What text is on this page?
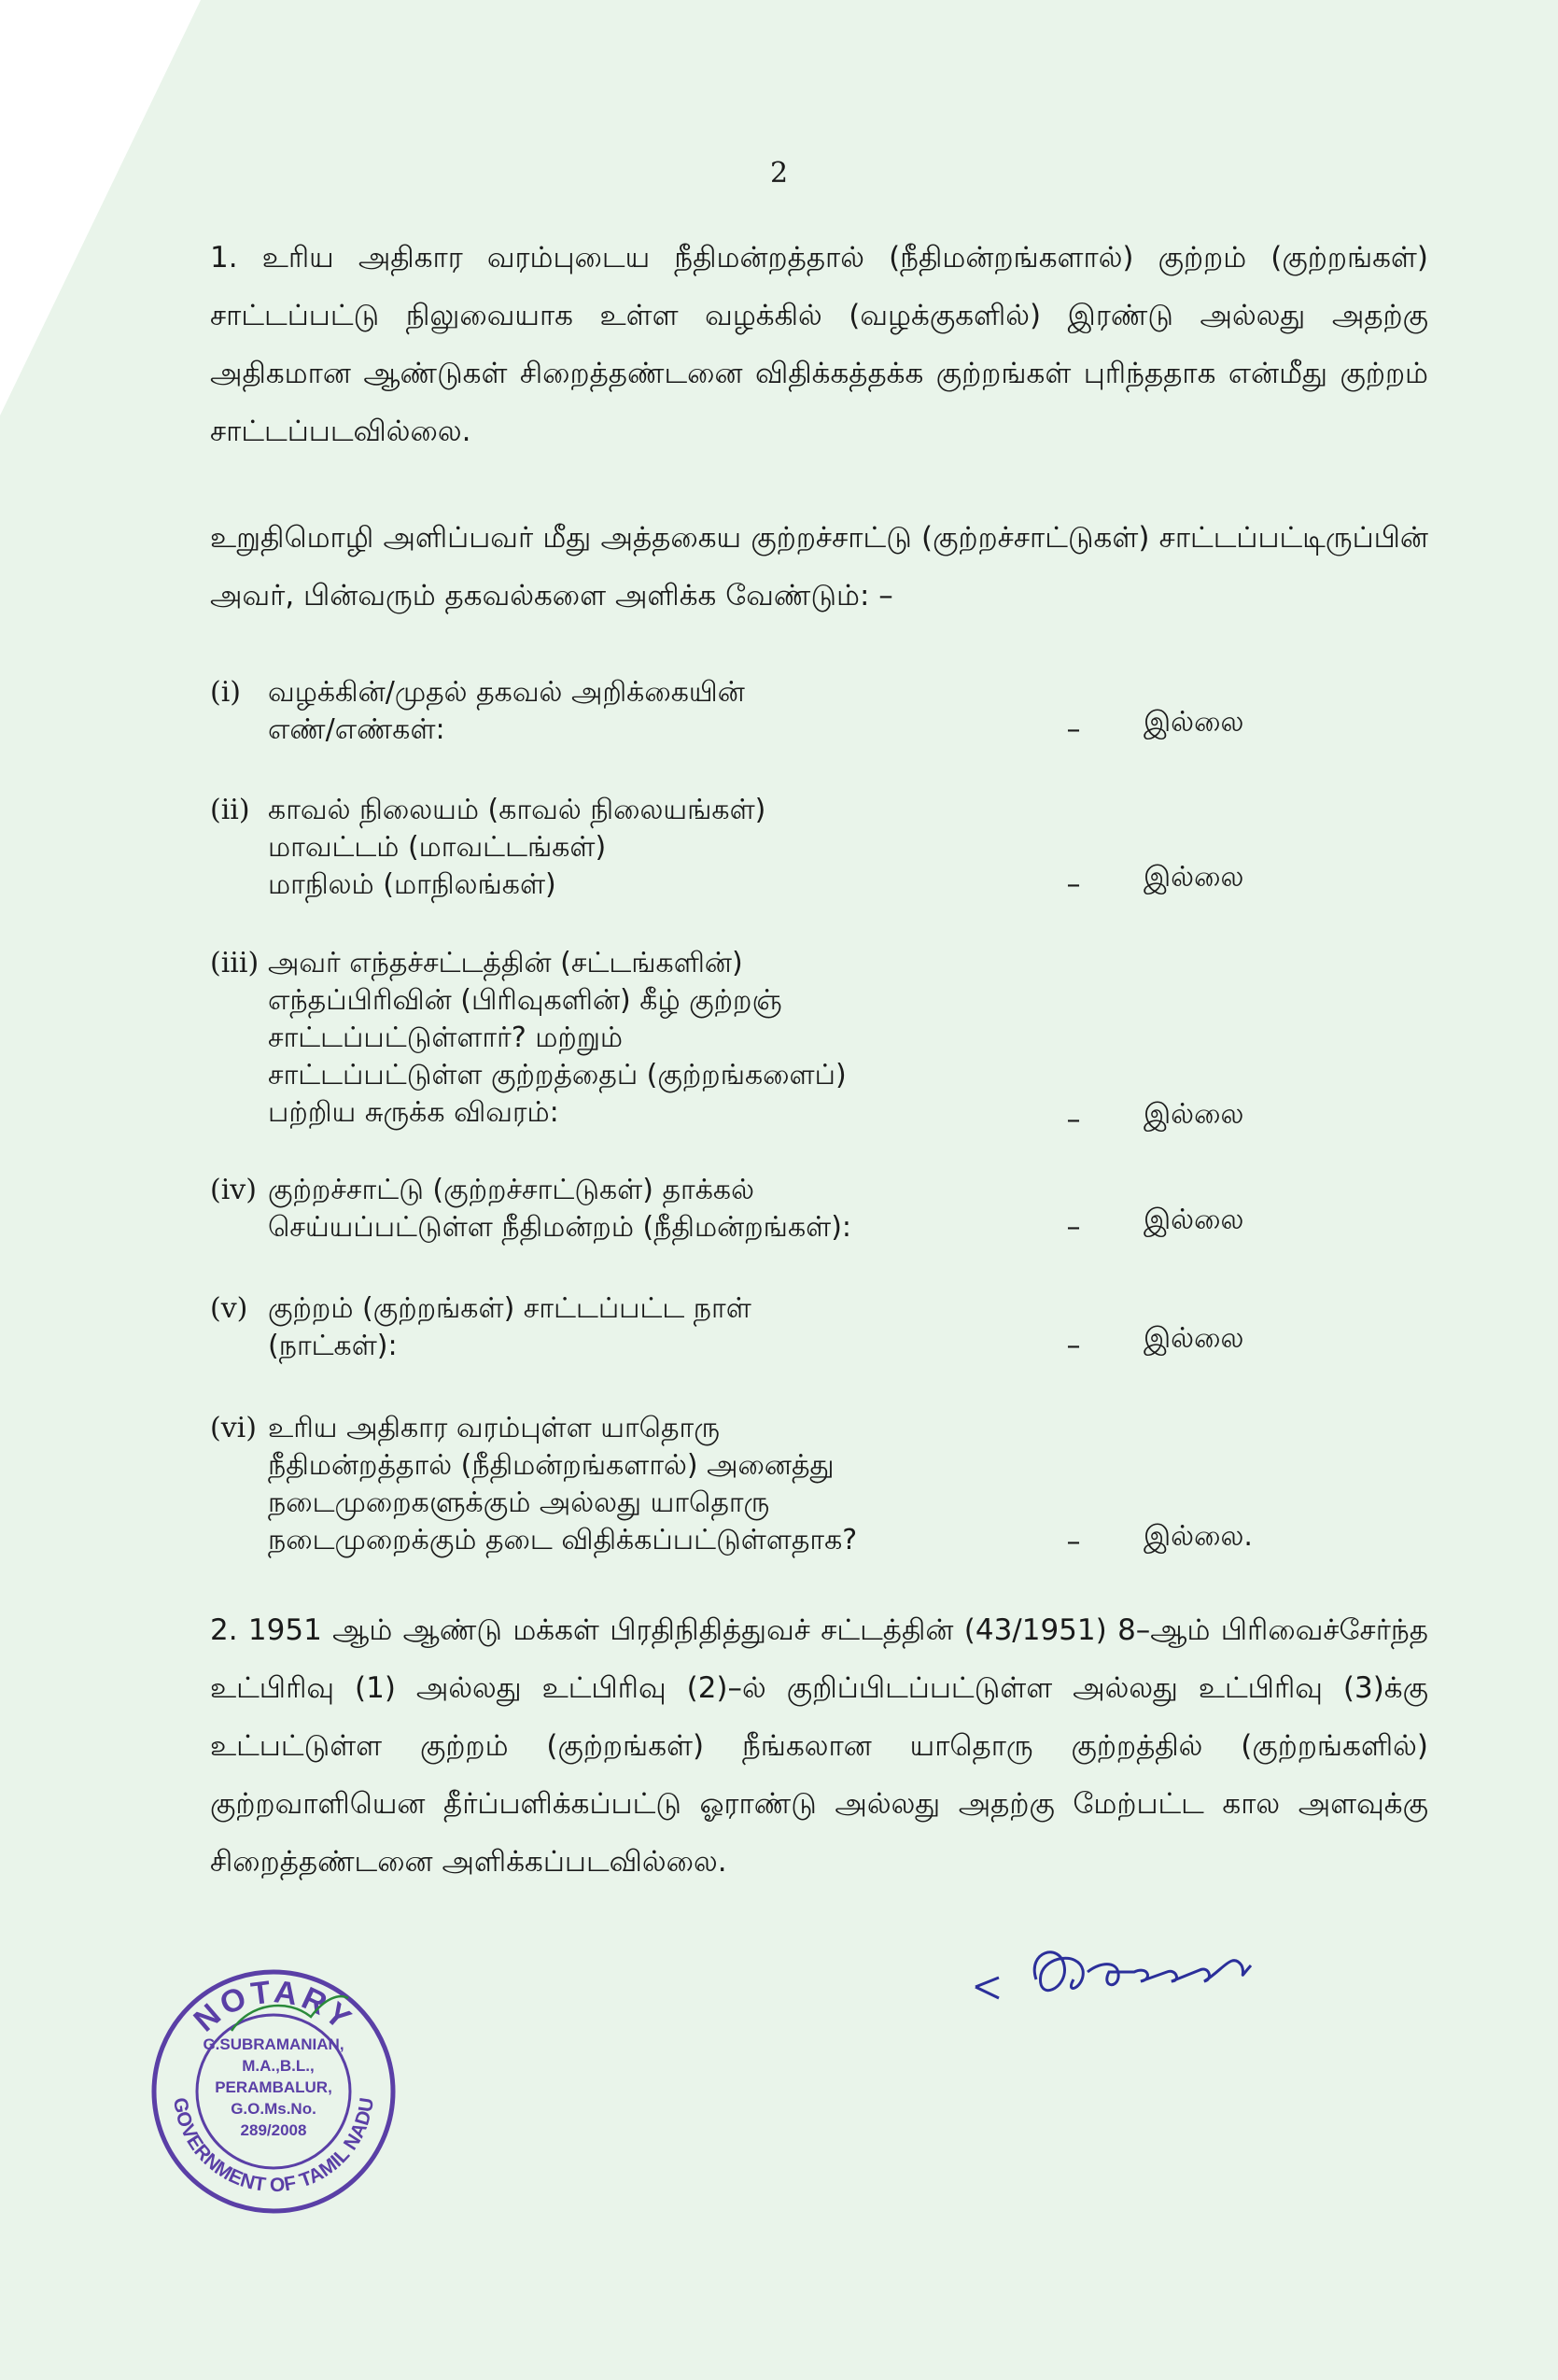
2

1. உரிய அதிகார வரம்புடைய நீதிமன்றத்தால் (நீதிமன்றங்களால்) குற்றம் (குற்றங்கள்) சாட்டப்பட்டு நிலுவையாக உள்ள வழக்கில் (வழக்குகளில்) இரண்டு அல்லது அதற்கு அதிகமான ஆண்டுகள் சிறைத்தண்டனை விதிக்கத்தக்க குற்றங்கள் புரிந்ததாக என்மீது குற்றம் சாட்டப்படவில்லை.

உறுதிமொழி அளிப்பவர் மீது அத்தகைய குற்றச்சாட்டு (குற்றச்சாட்டுகள்) சாட்டப்பட்டிருப்பின் அவர், பின்வரும் தகவல்களை அளிக்க வேண்டும்: –

(i) வழக்கின்/முதல் தகவல் அறிக்கையின்
எண்/எண்கள்:	–	இல்லை
(ii) காவல் நிலையம் (காவல் நிலையங்கள்)
மாவட்டம் (மாவட்டங்கள்)
மாநிலம் (மாநிலங்கள்)	–	இல்லை
(iii) அவர் எந்தச்சட்டத்தின் (சட்டங்களின்)
எந்தப்பிரிவின் (பிரிவுகளின்) கீழ் குற்றஞ்
சாட்டப்பட்டுள்ளார்? மற்றும்
சாட்டப்பட்டுள்ள குற்றத்தைப் (குற்றங்களைப்)
பற்றிய சுருக்க விவரம்:	–	இல்லை
(iv) குற்றச்சாட்டு (குற்றச்சாட்டுகள்) தாக்கல்
செய்யப்பட்டுள்ள நீதிமன்றம் (நீதிமன்றங்கள்):	–	இல்லை
(v) குற்றம் (குற்றங்கள்) சாட்டப்பட்ட நாள்
(நாட்கள்):	–	இல்லை
(vi) உரிய அதிகார வரம்புள்ள யாதொரு
நீதிமன்றத்தால் (நீதிமன்றங்களால்) அனைத்து
நடைமுறைகளுக்கும் அல்லது யாதொரு
நடைமுறைக்கும் தடை விதிக்கப்பட்டுள்ளதாக?	–	இல்லை.

2. 1951 ஆம் ஆண்டு மக்கள் பிரதிநிதித்துவச் சட்டத்தின் (43/1951) 8–ஆம் பிரிவைச்சேர்ந்த உட்பிரிவு (1) அல்லது உட்பிரிவு (2)–ல் குறிப்பிடப்பட்டுள்ள அல்லது உட்பிரிவு (3)க்கு உட்பட்டுள்ள குற்றம் (குற்றங்கள்) நீங்கலான யாதொரு குற்றத்தில் (குற்றங்களில்) குற்றவாளியென தீர்ப்பளிக்கப்பட்டு ஓராண்டு அல்லது அதற்கு மேற்பட்ட கால அளவுக்கு சிறைத்தண்டனை அளிக்கப்படவில்லை.

NOTARY
GOVERNMENT OF TAMIL NADU
G.SUBRAMANIAN,
M.A.,B.L.,
PERAMBALUR,
G.O.Ms.No.
289/2008
